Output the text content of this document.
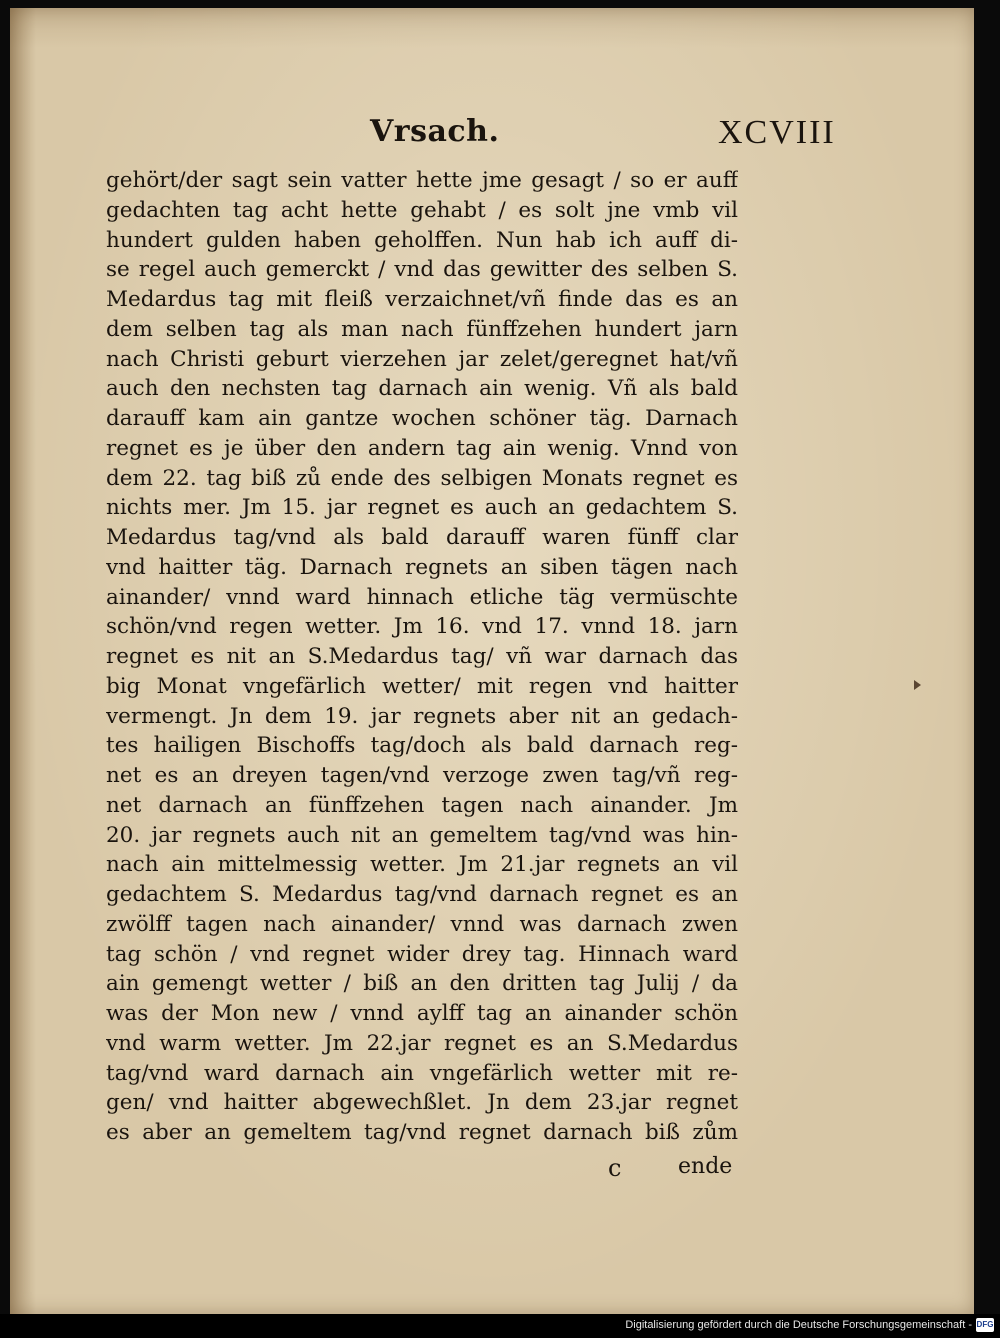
Vrsach.	XCVIII
gehört/der sagt sein vatter hette jme gesagt / so er auff
gedachten tag acht hette gehabt / es solt jne vmb vil
hundert gulden haben geholffen. Nun hab ich auff di-
se regel auch gemerckt / vnd das gewitter des selben S.
Medardus tag mit fleiß verzaichnet/vñ finde das es an
dem selben tag als man nach fünffzehen hundert jarn
nach Christi geburt vierzehen jar zelet/geregnet hat/vñ
auch den nechsten tag darnach ain wenig. Vñ als bald
darauff kam ain gantze wochen schöner täg. Darnach
regnet es je über den andern tag ain wenig. Vnnd von
dem 22. tag biß zů ende des selbigen Monats regnet es
nichts mer. Jm 15. jar regnet es auch an gedachtem S.
Medardus tag/vnd als bald darauff waren fünff clar
vnd haitter täg. Darnach regnets an siben tägen nach
ainander/ vnnd ward hinnach etliche täg vermüschte
schön/vnd regen wetter. Jm 16. vnd 17. vnnd 18. jarn
regnet es nit an S.Medardus tag/ vñ war darnach das
big Monat vngefärlich wetter/ mit regen vnd haitter
vermengt. Jn dem 19. jar regnets aber nit an gedach-
tes hailigen Bischoffs tag/doch als bald darnach reg-
net es an dreyen tagen/vnd verzoge zwen tag/vñ reg-
net darnach an fünffzehen tagen nach ainander. Jm
20. jar regnets auch nit an gemeltem tag/vnd was hin-
nach ain mittelmessig wetter. Jm 21.jar regnets an vil
gedachtem S. Medardus tag/vnd darnach regnet es an
zwölff tagen nach ainander/ vnnd was darnach zwen
tag schön / vnd regnet wider drey tag. Hinnach ward
ain gemengt wetter / biß an den dritten tag Julij / da
was der Mon new / vnnd aylff tag an ainander schön
vnd warm wetter. Jm 22.jar regnet es an S.Medardus
tag/vnd ward darnach ain vngefärlich wetter mit re-
gen/ vnd haitter abgewechßlet. Jn dem 23.jar regnet
es aber an gemeltem tag/vnd regnet darnach biß zům
c	ende
Digitalisierung gefördert durch die Deutsche Forschungsgemeinschaft - DFG
